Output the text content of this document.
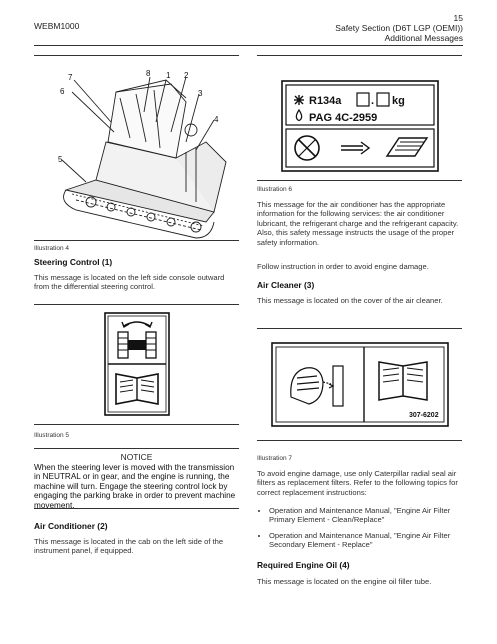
WEBM1000
15
Safety Section (D6T LGP (OEMI))
Additional Messages
7
6
8 1 2
3
4
5
Illustration 4
Steering Control (1)
This message is located on the left side console outward from the differential steering control.
Illustration 5
NOTICE
When the steering lever is moved with the transmission in NEUTRAL or in gear, and the engine is running, the machine will turn. Engage the steering control lock by engaging the parking brake in order to prevent machine movement.
Air Conditioner (2)
This message is located in the cab on the left side of the instrument panel, if equipped.
R134a	. kg
PAG 4C-2959
Illustration 6
This message for the air conditioner has the appropriate information for the following services: the air conditioner lubricant, the refrigerant charge and the refrigerant capacity. Also, this safety message instructs the usage of the proper safety information.
Follow instruction in order to avoid engine damage.
Air Cleaner (3)
This message is located on the cover of the air cleaner.
307-6202
Illustration 7
To avoid engine damage, use only Caterpillar radial seal air filters as replacement filters. Refer to the following topics for correct replacement instructions:
• Operation and Maintenance Manual, "Engine Air Filter Primary Element - Clean/Replace"
• Operation and Maintenance Manual, "Engine Air Filter Secondary Element - Replace"
Required Engine Oil (4)
This message is located on the engine oil filler tube.
